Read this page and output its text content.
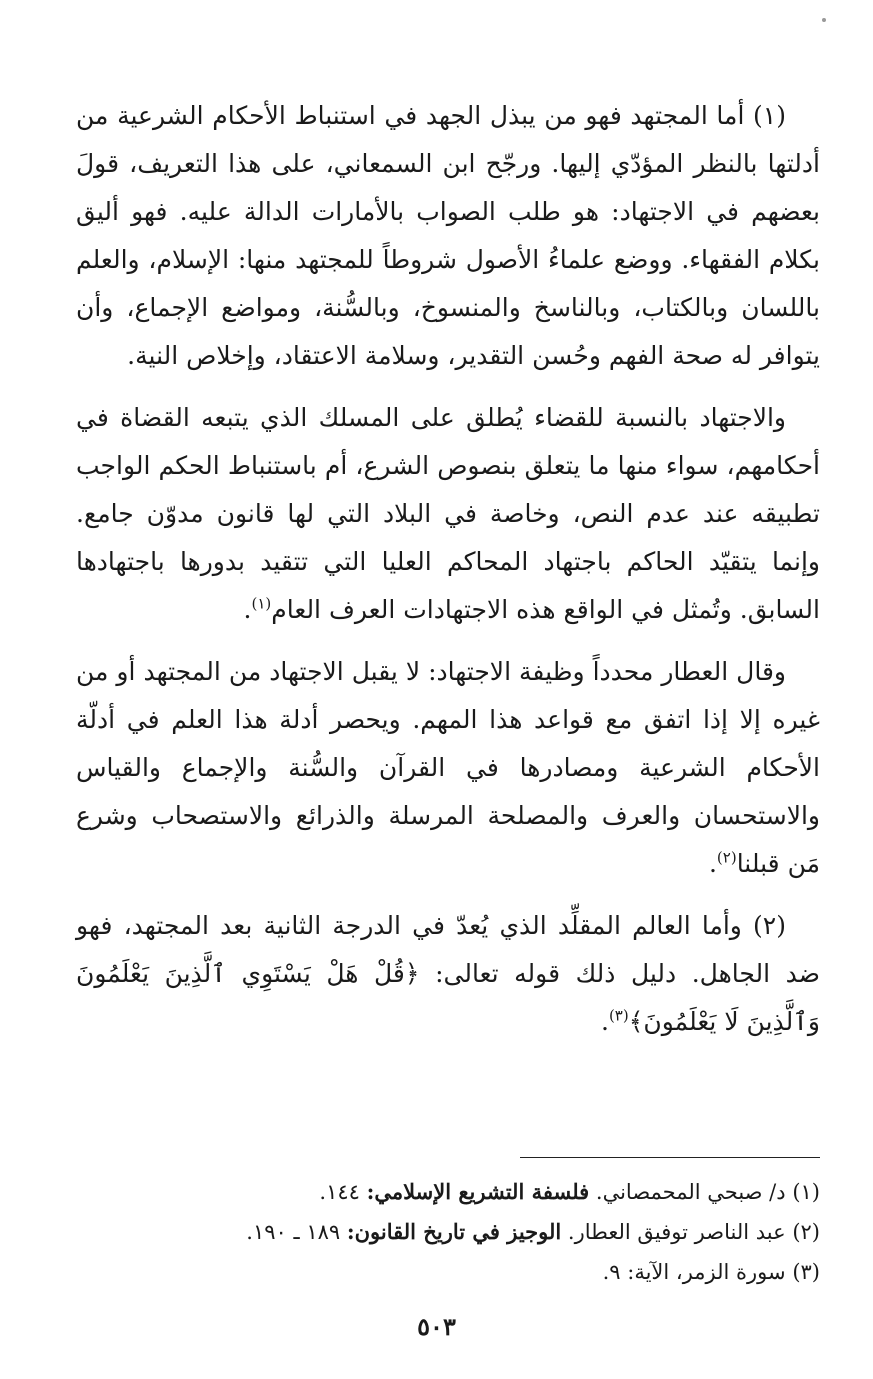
(١) أما المجتهد فهو من يبذل الجهد في استنباط الأحكام الشرعية من أدلتها بالنظر المؤدّي إليها. ورجّح ابن السمعاني، على هذا التعريف، قولَ بعضهم في الاجتهاد: هو طلب الصواب بالأمارات الدالة عليه. فهو أليق بكلام الفقهاء. ووضع علماءُ الأصول شروطاً للمجتهد منها: الإسلام، والعلم باللسان وبالكتاب، وبالناسخ والمنسوخ، وبالسُّنة، ومواضع الإجماع، وأن يتوافر له صحة الفهم وحُسن التقدير، وسلامة الاعتقاد، وإخلاص النية.

والاجتهاد بالنسبة للقضاء يُطلق على المسلك الذي يتبعه القضاة في أحكامهم، سواء منها ما يتعلق بنصوص الشرع، أم باستنباط الحكم الواجب تطبيقه عند عدم النص، وخاصة في البلاد التي لها قانون مدوّن جامع. وإنما يتقيّد الحاكم باجتهاد المحاكم العليا التي تتقيد بدورها باجتهادها السابق. وتُمثل في الواقع هذه الاجتهادات العرف العام$^{(١)}$.

وقال العطار محدداً وظيفة الاجتهاد: لا يقبل الاجتهاد من المجتهد أو من غيره إلا إذا اتفق مع قواعد هذا المهم. ويحصر أدلة هذا العلم في أدلّة الأحكام الشرعية ومصادرها في القرآن والسُّنة والإجماع والقياس والاستحسان والعرف والمصلحة المرسلة والذرائع والاستصحاب وشرع مَن قبلنا$^{(٢)}$.

(٢) وأما العالم المقلِّد الذي يُعدّ في الدرجة الثانية بعد المجتهد، فهو ضد الجاهل. دليل ذلك قوله تعالى: ﴿قُلْ هَلْ يَسْتَوِي ٱلَّذِينَ يَعْلَمُونَ وَٱلَّذِينَ لَا يَعْلَمُونَ﴾$^{(٣)}$.

(١) د/ صبحي المحمصاني. فلسفة التشريع الإسلامي: ١٤٤.

(٢) عبد الناصر توفيق العطار. الوجيز في تاريخ القانون: ١٨٩ ـ ١٩٠.

(٣) سورة الزمر، الآية: ٩.

٥٠٣
